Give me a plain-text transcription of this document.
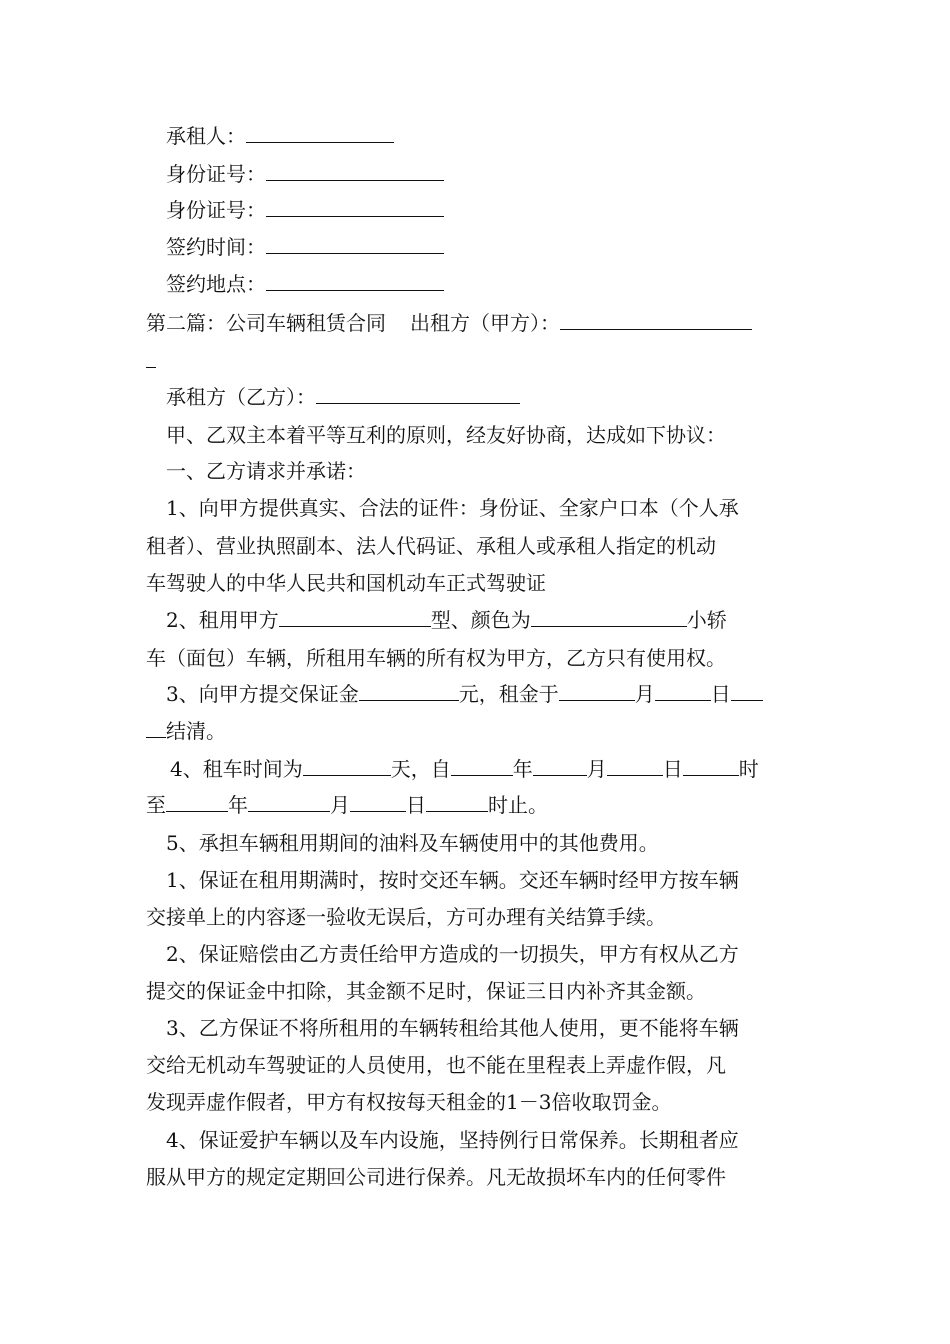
承租人：
身份证号：
身份证号：
签约时间：
签约地点：
第二篇：公司车辆租赁合同 出租方（甲方）：
承租方（乙方）：
甲、乙双主本着平等互利的原则，经友好协商，达成如下协议：
一、乙方请求并承诺：
1、向甲方提供真实、合法的证件：身份证、全家户口本（个人承
租者）、营业执照副本、法人代码证、承租人或承租人指定的机动
车驾驶人的中华人民共和国机动车正式驾驶证
2、租用甲方	型、颜色为	小轿
车（面包）车辆，所租用车辆的所有权为甲方，乙方只有使用权。
3、向甲方提交保证金	元，租金于	月	日
结清。
4、租车时间为	天，自	年	月	日	时
至	年	月	日	时止。
5、承担车辆租用期间的油料及车辆使用中的其他费用。
1、保证在租用期满时，按时交还车辆。交还车辆时经甲方按车辆
交接单上的内容逐一验收无误后，方可办理有关结算手续。
2、保证赔偿由乙方责任给甲方造成的一切损失，甲方有权从乙方
提交的保证金中扣除，其金额不足时，保证三日内补齐其金额。
3、乙方保证不将所租用的车辆转租给其他人使用，更不能将车辆
交给无机动车驾驶证的人员使用，也不能在里程表上弄虚作假，凡
发现弄虚作假者，甲方有权按每天租金的1－3倍收取罚金。
4、保证爱护车辆以及车内设施，坚持例行日常保养。长期租者应
服从甲方的规定定期回公司进行保养。凡无故损坏车内的任何零件
